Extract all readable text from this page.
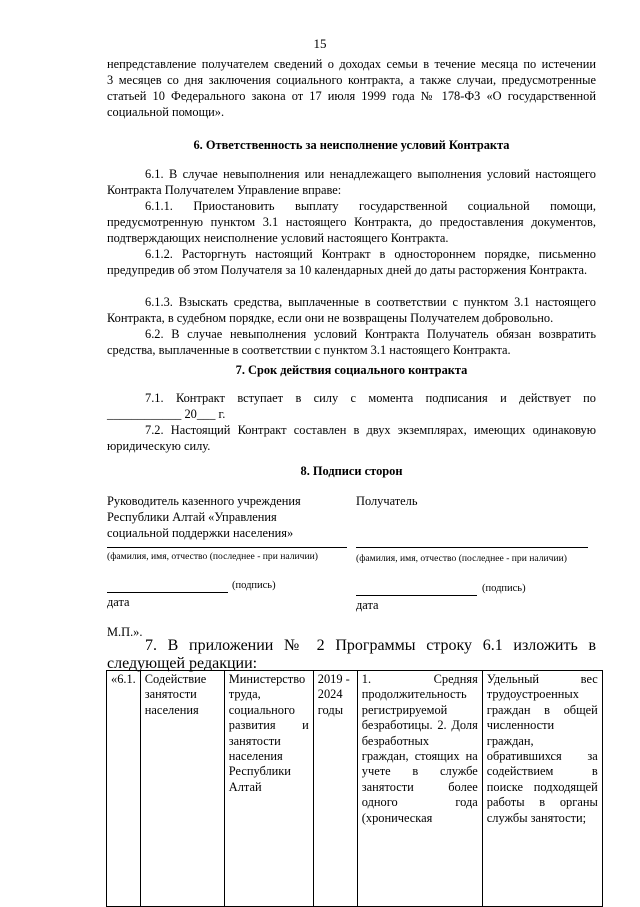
15
непредставление получателем сведений о доходах семьи в течение месяца по истечении
3 месяцев со дня заключения социального контракта, а также случаи, предусмотренные
статьей 10 Федерального закона от 17 июля 1999 года № 178-ФЗ «О государственной
социальной помощи».
6. Ответственность за неисполнение условий Контракта
6.1. В случае невыполнения или ненадлежащего выполнения условий настоящего Контракта Получателем Управление вправе:
6.1.1. Приостановить выплату государственной социальной помощи, предусмотренную пунктом 3.1 настоящего Контракта, до предоставления документов, подтверждающих неисполнение условий настоящего Контракта.
6.1.2. Расторгнуть настоящий Контракт в одностороннем порядке, письменно предупредив об этом Получателя за 10 календарных дней до даты расторжения Контракта.
6.1.3. Взыскать средства, выплаченные в соответствии с пунктом 3.1 настоящего Контракта, в судебном порядке, если они не возвращены Получателем добровольно.
6.2. В случае невыполнения условий Контракта Получатель обязан возвратить средства, выплаченные в соответствии с пунктом 3.1 настоящего Контракта.
7. Срок действия социального контракта
7.1. Контракт вступает в силу с момента подписания и действует по
____________ 20___ г.
7.2. Настоящий Контракт составлен в двух экземплярах, имеющих одинаковую юридическую силу.
8. Подписи сторон
Руководитель казенного учреждения
Республики Алтай «Управления
социальной поддержки населения»
Получатель
(фамилия, имя, отчество (последнее - при наличии)	(фамилия, имя, отчество (последнее - при наличии)
(подпись)	(подпись)
дата	дата
М.П.».
7. В приложении № 2 Программы строку 6.1 изложить в следующей редакции:
«6.1.	Содействие занятости населения	Министерство труда, социального развития и занятости населения Республики Алтай	2019 - 2024 годы	1. Средняя продолжительность регистрируемой безработицы. 2. Доля безработных граждан, стоящих на учете в службе занятости более одного года (хроническая	Удельный вес трудоустроенных граждан в общей численности граждан, обратившихся за содействием в поиске подходящей работы в органы службы занятости;
